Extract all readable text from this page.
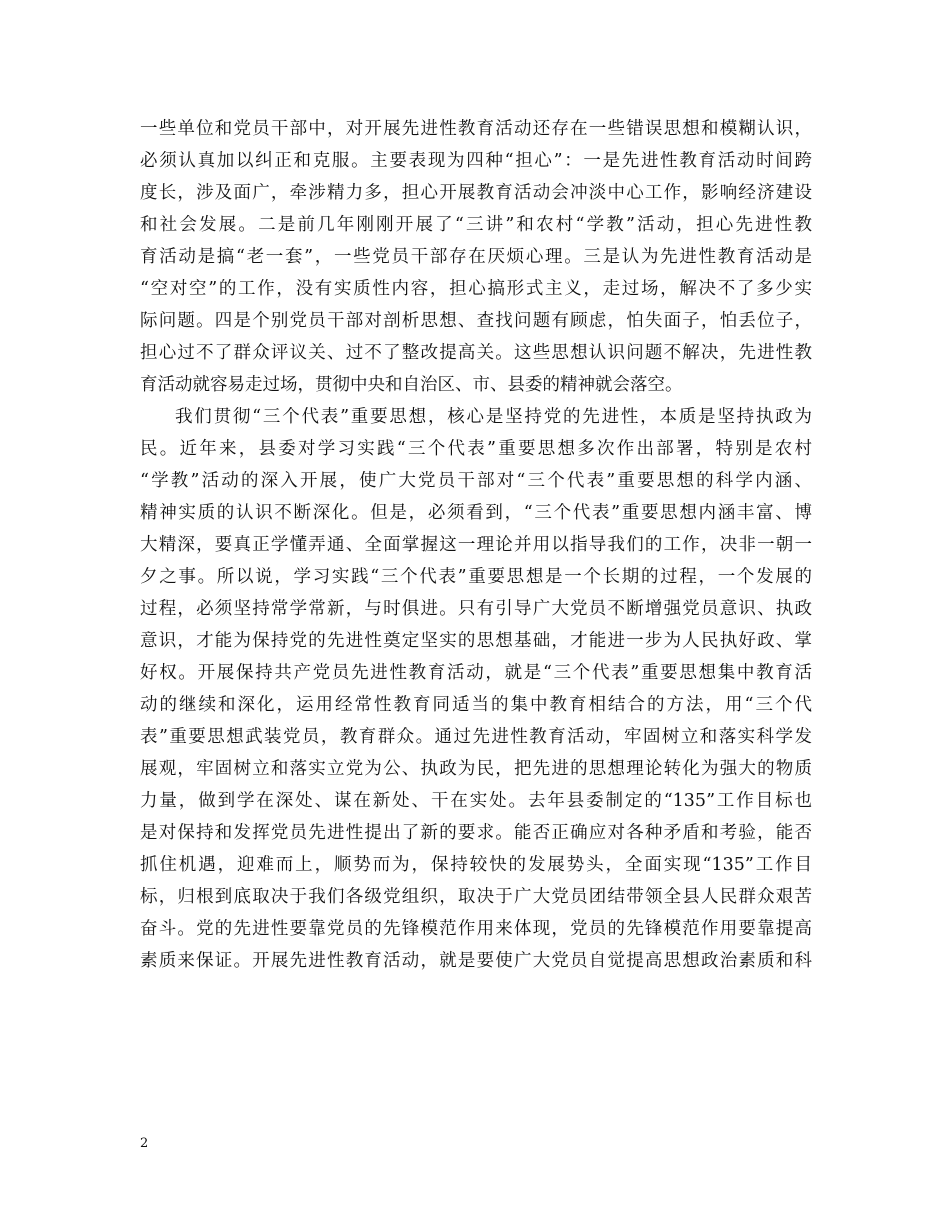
一些单位和党员干部中，对开展先进性教育活动还存在一些错误思想和模糊认识，
必须认真加以纠正和克服。主要表现为四种“担心”：一是先进性教育活动时间跨
度长，涉及面广，牵涉精力多，担心开展教育活动会冲淡中心工作，影响经济建设
和社会发展。二是前几年刚刚开展了“三讲”和农村“学教”活动，担心先进性教
育活动是搞“老一套”，一些党员干部存在厌烦心理。三是认为先进性教育活动是
“空对空”的工作，没有实质性内容，担心搞形式主义，走过场，解决不了多少实
际问题。四是个别党员干部对剖析思想、查找问题有顾虑，怕失面子，怕丢位子，
担心过不了群众评议关、过不了整改提高关。这些思想认识问题不解决，先进性教
育活动就容易走过场，贯彻中央和自治区、市、县委的精神就会落空。
我们贯彻“三个代表”重要思想，核心是坚持党的先进性，本质是坚持执政为
民。近年来，县委对学习实践“三个代表”重要思想多次作出部署，特别是农村
“学教”活动的深入开展，使广大党员干部对“三个代表”重要思想的科学内涵、
精神实质的认识不断深化。但是，必须看到，“三个代表”重要思想内涵丰富、博
大精深，要真正学懂弄通、全面掌握这一理论并用以指导我们的工作，决非一朝一
夕之事。所以说，学习实践“三个代表”重要思想是一个长期的过程，一个发展的
过程，必须坚持常学常新，与时俱进。只有引导广大党员不断增强党员意识、执政
意识，才能为保持党的先进性奠定坚实的思想基础，才能进一步为人民执好政、掌
好权。开展保持共产党员先进性教育活动，就是“三个代表”重要思想集中教育活
动的继续和深化，运用经常性教育同适当的集中教育相结合的方法，用“三个代
表”重要思想武装党员，教育群众。通过先进性教育活动，牢固树立和落实科学发
展观，牢固树立和落实立党为公、执政为民，把先进的思想理论转化为强大的物质
力量，做到学在深处、谋在新处、干在实处。去年县委制定的“135”工作目标也
是对保持和发挥党员先进性提出了新的要求。能否正确应对各种矛盾和考验，能否
抓住机遇，迎难而上，顺势而为，保持较快的发展势头，全面实现“135”工作目
标，归根到底取决于我们各级党组织，取决于广大党员团结带领全县人民群众艰苦
奋斗。党的先进性要靠党员的先锋模范作用来体现，党员的先锋模范作用要靠提高
素质来保证。开展先进性教育活动，就是要使广大党员自觉提高思想政治素质和科
2
